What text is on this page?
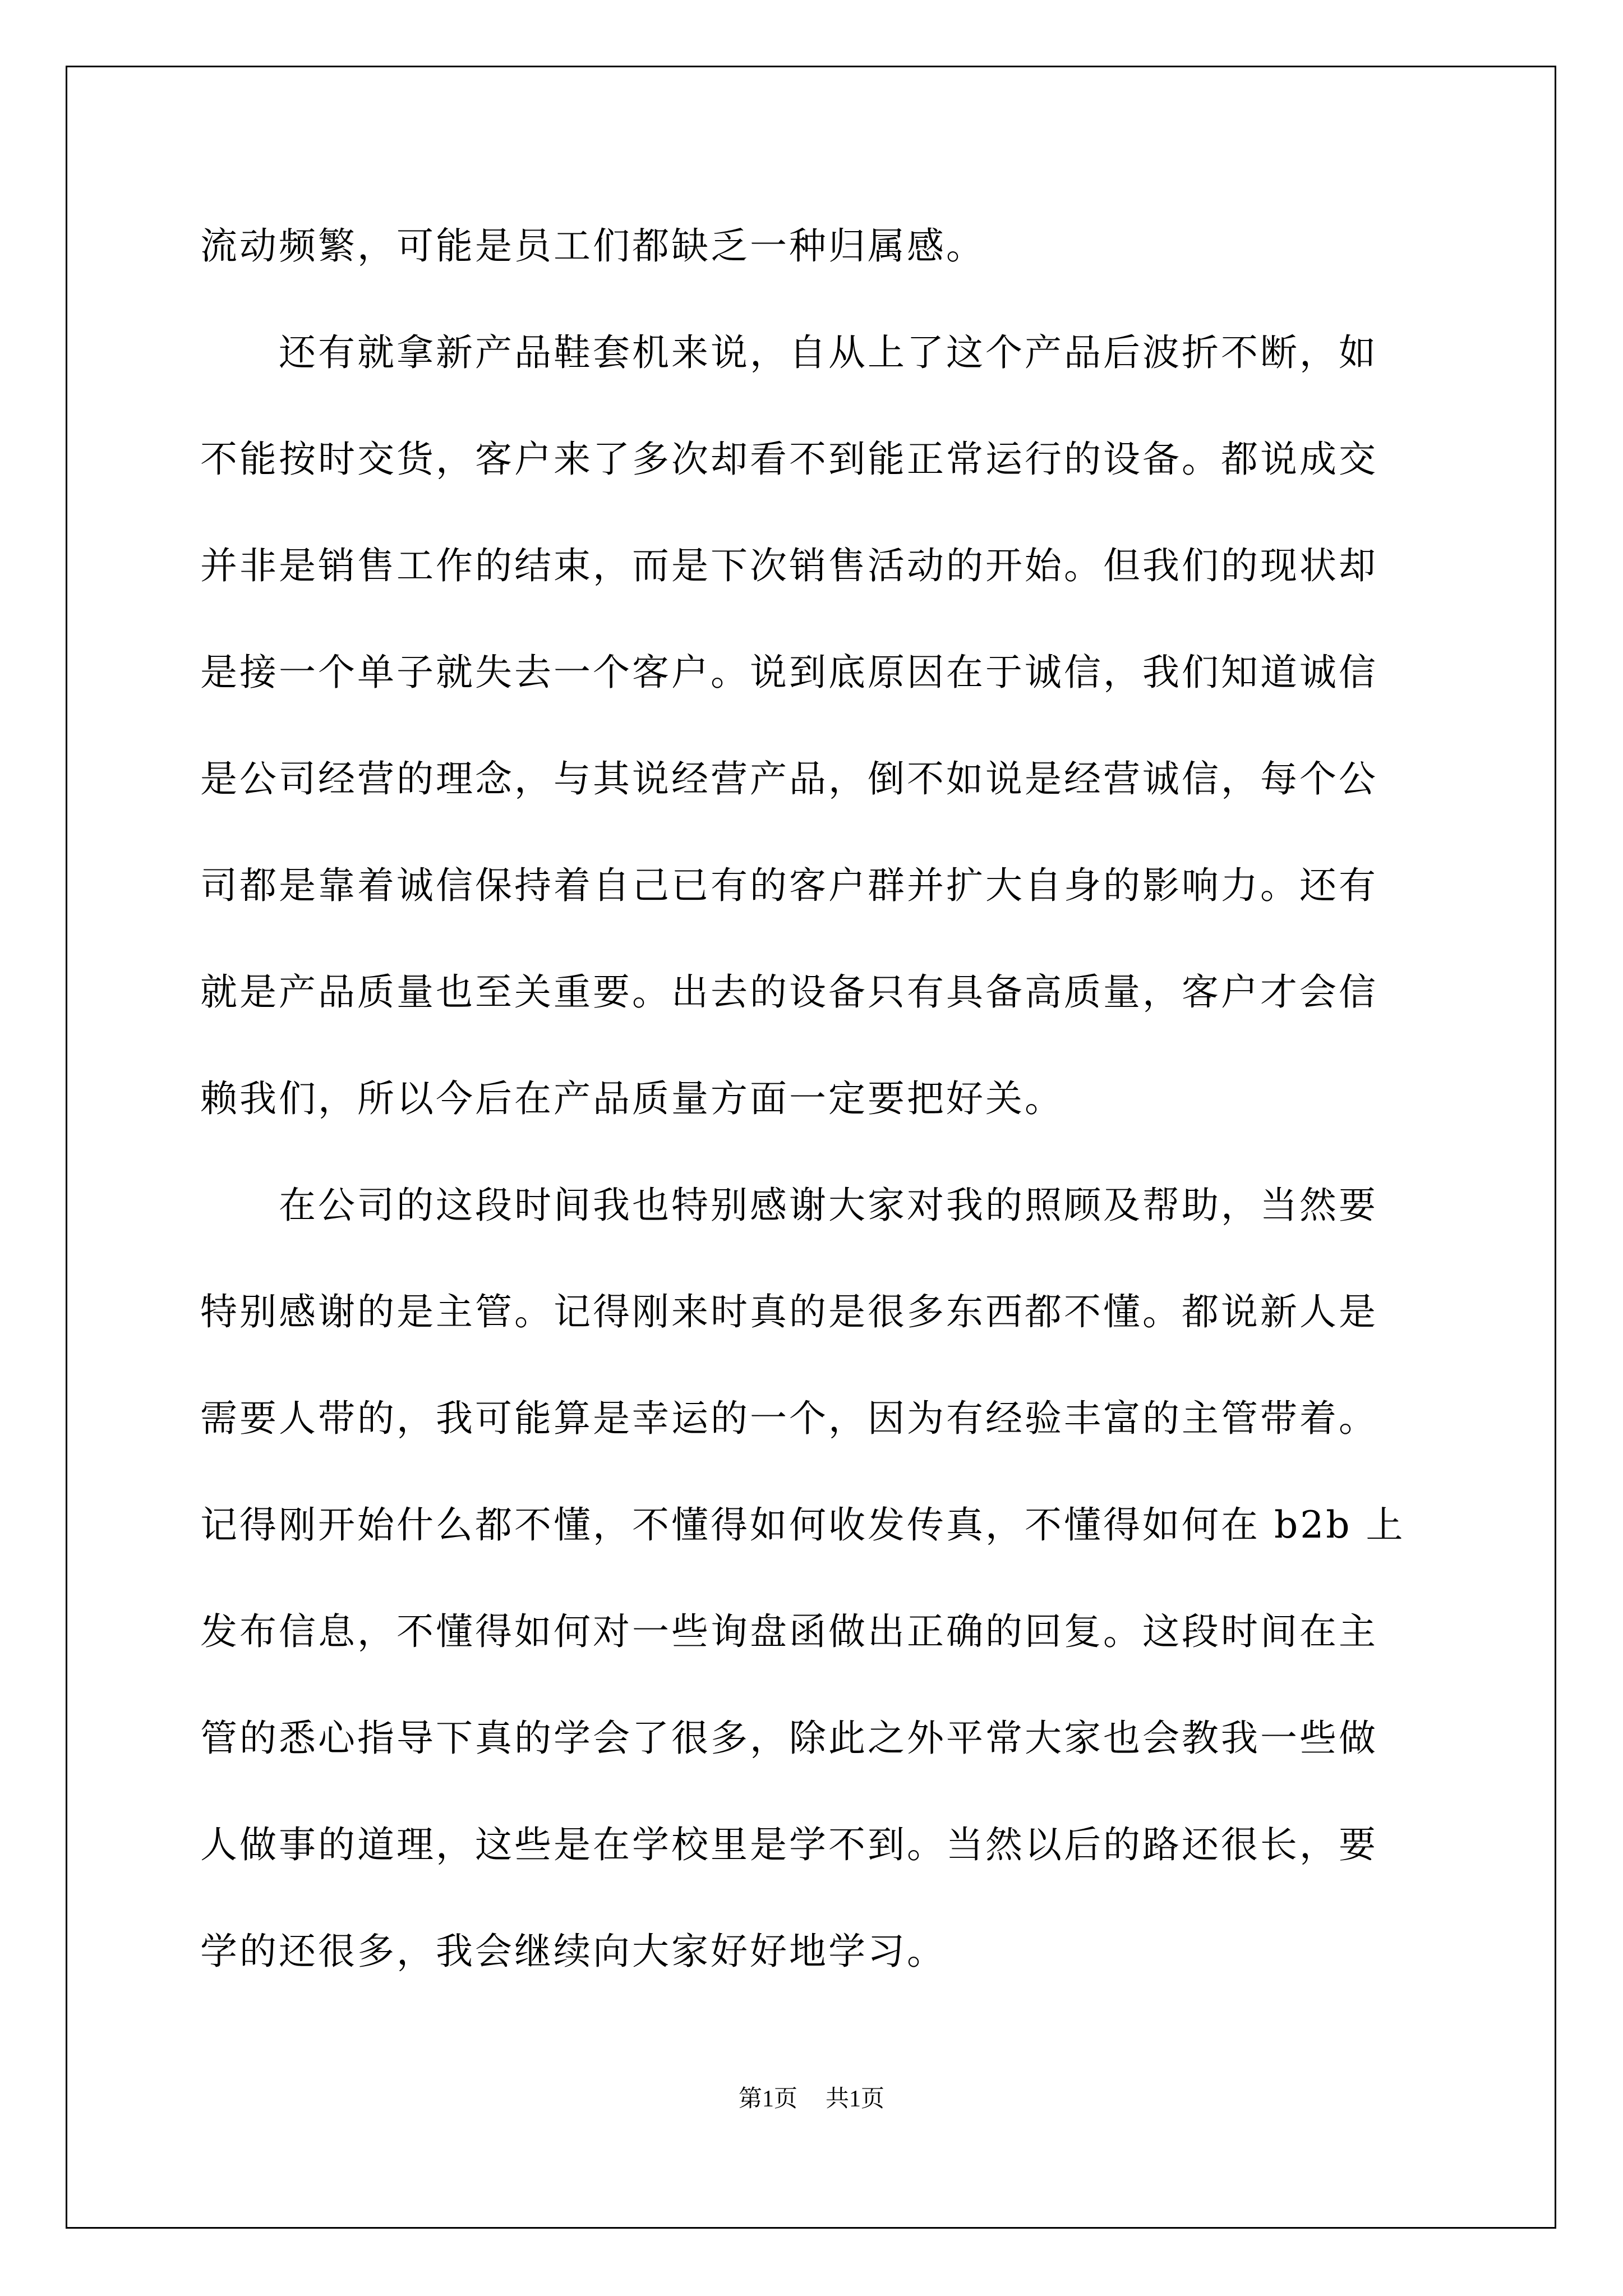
流动频繁，可能是员工们都缺乏一种归属感。
还有就拿新产品鞋套机来说，自从上了这个产品后波折不断，如
不能按时交货，客户来了多次却看不到能正常运行的设备。都说成交
并非是销售工作的结束，而是下次销售活动的开始。但我们的现状却
是接一个单子就失去一个客户。说到底原因在于诚信，我们知道诚信
是公司经营的理念，与其说经营产品，倒不如说是经营诚信，每个公
司都是靠着诚信保持着自己已有的客户群并扩大自身的影响力。还有
就是产品质量也至关重要。出去的设备只有具备高质量，客户才会信
赖我们，所以今后在产品质量方面一定要把好关。
在公司的这段时间我也特别感谢大家对我的照顾及帮助，当然要
特别感谢的是主管。记得刚来时真的是很多东西都不懂。都说新人是
需要人带的，我可能算是幸运的一个，因为有经验丰富的主管带着。
记得刚开始什么都不懂，不懂得如何收发传真，不懂得如何在 b2b 上
发布信息，不懂得如何对一些询盘函做出正确的回复。这段时间在主
管的悉心指导下真的学会了很多，除此之外平常大家也会教我一些做
人做事的道理，这些是在学校里是学不到。当然以后的路还很长，要
学的还很多，我会继续向大家好好地学习。
第1页 共1页
